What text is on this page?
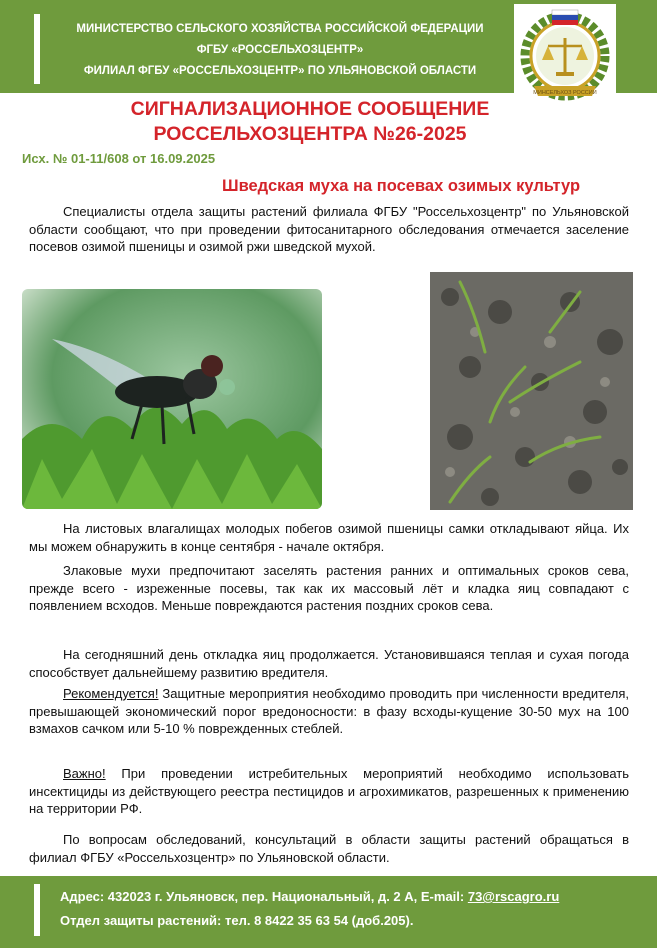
МИНИСТЕРСТВО СЕЛЬСКОГО ХОЗЯЙСТВА РОССИЙСКОЙ ФЕДЕРАЦИИ
ФГБУ «РОССЕЛЬХОЗЦЕНТР»
ФИЛИАЛ ФГБУ «РОССЕЛЬХОЗЦЕНТР» ПО УЛЬЯНОВСКОЙ ОБЛАСТИ
МИНСЕЛЬХОЗ РОССИИ
СИГНАЛИЗАЦИОННОЕ СООБЩЕНИЕ
РОССЕЛЬХОЗЦЕНТРА №26-2025
Исх. № 01-11/608 от 16.09.2025
Шведская муха на посевах озимых культур

Специалисты отдела защиты растений филиала ФГБУ "Россельхозцентр" по Ульяновской области сообщают, что при проведении фитосанитарного обследования отмечается заселение посевов озимой пшеницы и озимой ржи шведской мухой.

На листовых влагалищах молодых побегов озимой пшеницы самки откладывают яйца. Их мы можем обнаружить в конце сентября - начале октября.

Злаковые мухи предпочитают заселять растения ранних и оптимальных сроков сева, прежде всего - изреженные посевы, так как их массовый лёт и кладка яиц совпадают с появлением всходов. Меньше повреждаются растения поздних сроков сева.

На сегодняшний день откладка яиц продолжается. Установившаяся теплая и сухая погода способствует дальнейшему развитию вредителя.

Рекомендуется! Защитные мероприятия необходимо проводить при численности вредителя, превышающей экономический порог вредоносности: в фазу всходы-кущение 30-50 мух на 100 взмахов сачком или 5-10 % поврежденных стеблей.

Важно! При проведении истребительных мероприятий необходимо использовать инсектициды из действующего реестра пестицидов и агрохимикатов, разрешенных к применению на территории РФ.

По вопросам обследований, консультаций в области защиты растений обращаться в филиал ФГБУ «Россельхозцентр» по Ульяновской области.

Адрес: 432023 г. Ульяновск, пер. Национальный, д. 2 А, E-mail: 73@rscagro.ru
Отдел защиты растений: тел. 8 8422 35 63 54 (доб.205).
